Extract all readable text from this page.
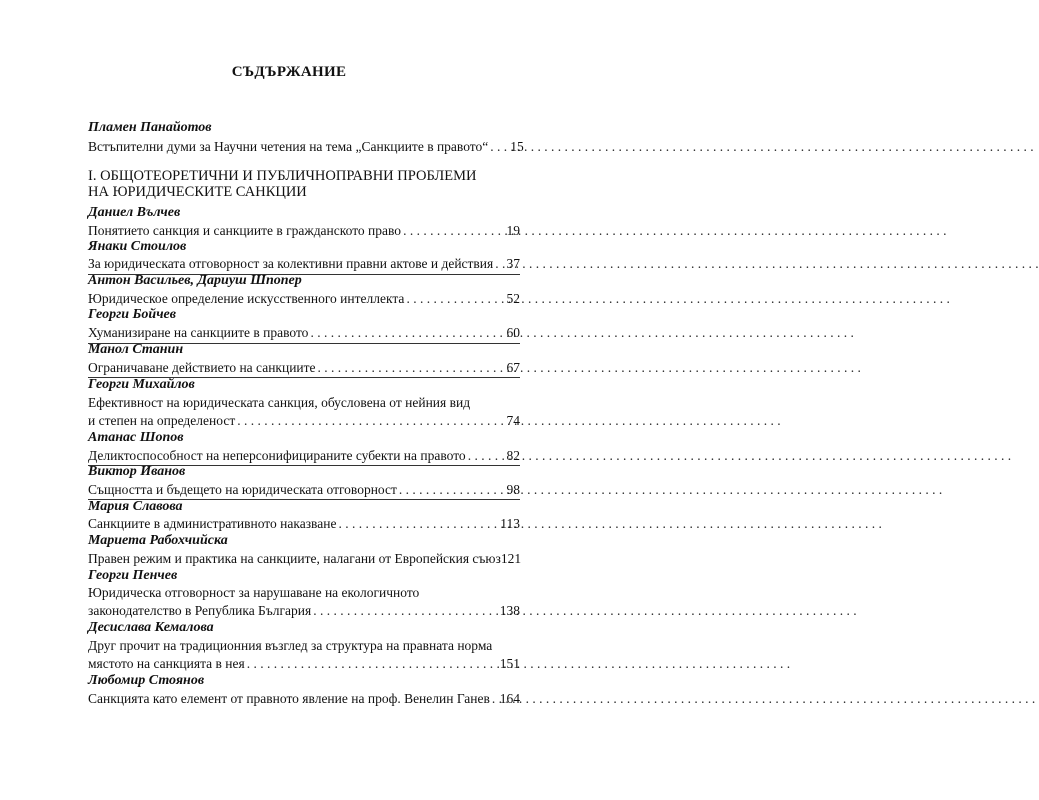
СЪДЪРЖАНИЕ
Пламен Панайотов
Встъпителни думи за Научни четения на тема „Санкциите в правото“ . . .	15
I. ОБЩОТЕОРЕТИЧНИ И ПУБЛИЧНОПРАВНИ ПРОБЛЕМИ
НА ЮРИДИЧЕСКИТЕ САНКЦИИ
Даниел Вълчев
Понятието санкция и санкциите в гражданското право . . .	19
Янаки Стоилов
За юридическата отговорност за колективни правни актове и действия . . . 37
Антон Васильев, Дариуш Шпопер
Юридическое определение искусственного интеллекта . . .	52
Георги Бойчев
Хуманизиране на санкциите в правото . . .	60
Манол Станин
Ограничаване действието на санкциите . . .	67
Георги Михайлов
Ефективност на юридическата санкция, обусловена от нейния вид
и степен на определеност . . .	74
Атанас Шопов
Деликтоспособност на неперсонифицираните субекти на правото . . .	82
Виктор Иванов
Същността и бъдещето на юридическата отговорност . . .	98
Мария Славова
Санкциите в административното наказване . . .	113
Мариета Рабохчийска
Правен режим и практика на санкциите, налагани от Европейския съюз 121
Георги Пенчев
Юридическа отговорност за нарушаване на екологичното
законодателство в Република България . . .	138
Десислава Кемалова
Друг прочит на традиционния възглед за структура на правната норма
мястото на санкцията в нея . . .	151
Любомир Стоянов
Санкцията като елемент от правното явление на проф. Венелин Ганев . . . 164
